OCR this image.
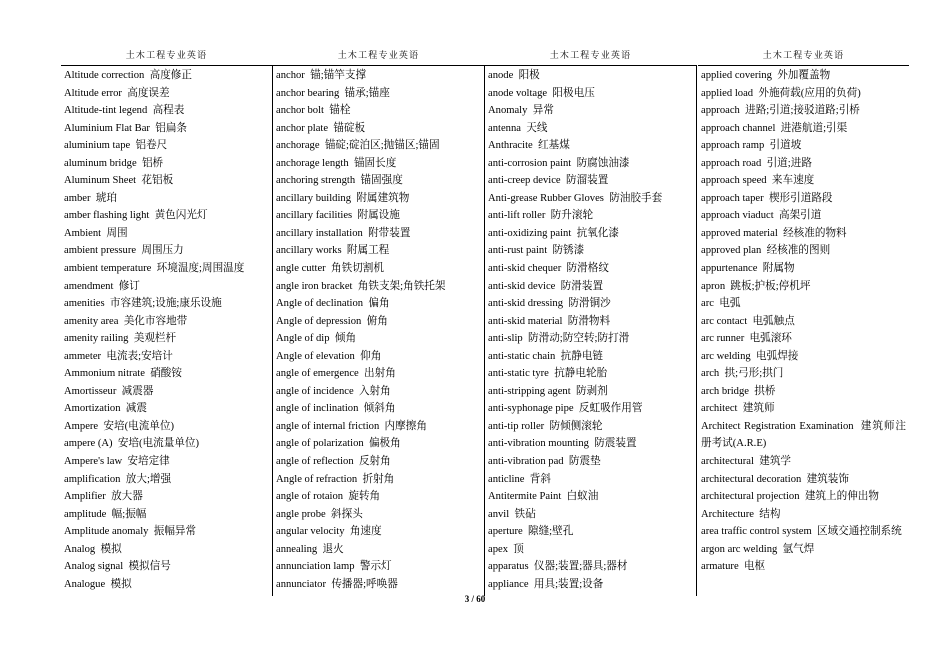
土木工程专业英语
Altitude correction 高度修正
Altitude error 高度误差
Altitude-tint legend 高程表
Aluminium Flat Bar 铝扁条
aluminium tape 铝卷尺
aluminum bridge 铝桥
Aluminum Sheet 花铝板
amber 琥珀
amber flashing light 黄色闪光灯
Ambient 周围
ambient pressure 周围压力
ambient temperature 环境温度;周围温度
amendment 修订
amenities 市容建筑;设施;康乐设施
amenity area 美化市容地带
amenity railing 美观栏杆
ammeter 电流表;安培计
Ammonium nitrate 硝酸铵
Amortisseur 减震器
Amortization 减震
Ampere 安培(电流单位)
ampere (A) 安培(电流量单位)
Ampere's law  安培定律
amplification 放大;增强
Amplifier 放大器
amplitude 幅;振幅
Amplitude anomaly 振幅异常
Analog 模拟
Analog signal 模拟信号
Analogue 模拟
土木工程专业英语
anchor 锚;锚竿支撑
anchor bearing 锚承;锚座
anchor bolt 锚栓
anchor plate 锚碇板
anchorage 锚碇;碇泊区;抛锚区;锚固
anchorage length 锚固长度
anchoring strength 锚固强度
ancillary building 附属建筑物
ancillary facilities 附属设施
ancillary installation 附带装置
ancillary works 附属工程
angle cutter 角铁切割机
angle iron bracket 角铁支架;角铁托架
Angle of declination 偏角
Angle of depression 俯角
Angle of dip 倾角
Angle of elevation 仰角
angle of emergence 出射角
angle of incidence 入射角
angle of inclination 倾斜角
angle of internal friction 内摩擦角
angle of polarization 偏极角
angle of reflection 反射角
Angle of refraction 折射角
angle of rotaion 旋转角
angle probe 斜探头
angular velocity 角速度
annealing 退火
annunciation lamp 警示灯
annunciator 传播器;呼唤器
土木工程专业英语
anode 阳极
anode voltage 阳极电压
Anomaly 异常
antenna 天线
Anthracite 红基煤
anti-corrosion paint 防腐蚀油漆
anti-creep device 防溜装置
Anti-grease Rubber Gloves 防油胶手套
anti-lift roller 防升滚轮
anti-oxidizing paint 抗氧化漆
anti-rust paint 防锈漆
anti-skid chequer 防滑格纹
anti-skid device 防滑装置
anti-skid dressing 防滑铜沙
anti-skid material 防滑物料
anti-slip 防滑动;防空转;防打滑
anti-static chain 抗静电链
anti-static tyre 抗静电轮胎
anti-stripping agent 防剥剂
anti-syphonage pipe 反虹吸作用管
anti-tip roller 防倾侧滚轮
anti-vibration mounting 防震装置
anti-vibration pad 防震垫
anticline 背斜
Antitermite Paint 白蚁油
anvil 铁砧
aperture 隙缝;壁孔
apex 顶
apparatus 仪器;装置;器具;器材
appliance 用具;装置;设备
土木工程专业英语
applied covering 外加覆盖物
applied load 外施荷载(应用的负荷)
approach 进路;引道;接驳道路;引桥
approach channel 进港航道;引渠
approach ramp 引道坡
approach road 引道;进路
approach speed 来车速度
approach taper 楔形引道路段
approach viaduct 高架引道
approved material 经核准的物料
approved plan 经核准的图则
appurtenance 附属物
apron 跳板;护板;停机坪
arc 电弧
arc contact 电弧触点
arc runner 电弧滚环
arc welding 电弧焊接
arch 拱;弓形;拱门
arch bridge 拱桥
architect 建筑师
Architect Registration Examination 建筑师注册考试(A.R.E)
architectural 建筑学
architectural decoration 建筑装饰
architectural projection 建筑上的伸出物
Architecture 结构
area traffic control system 区域交通控制系统
argon arc welding 氩气焊
armature 电枢
3 / 60
